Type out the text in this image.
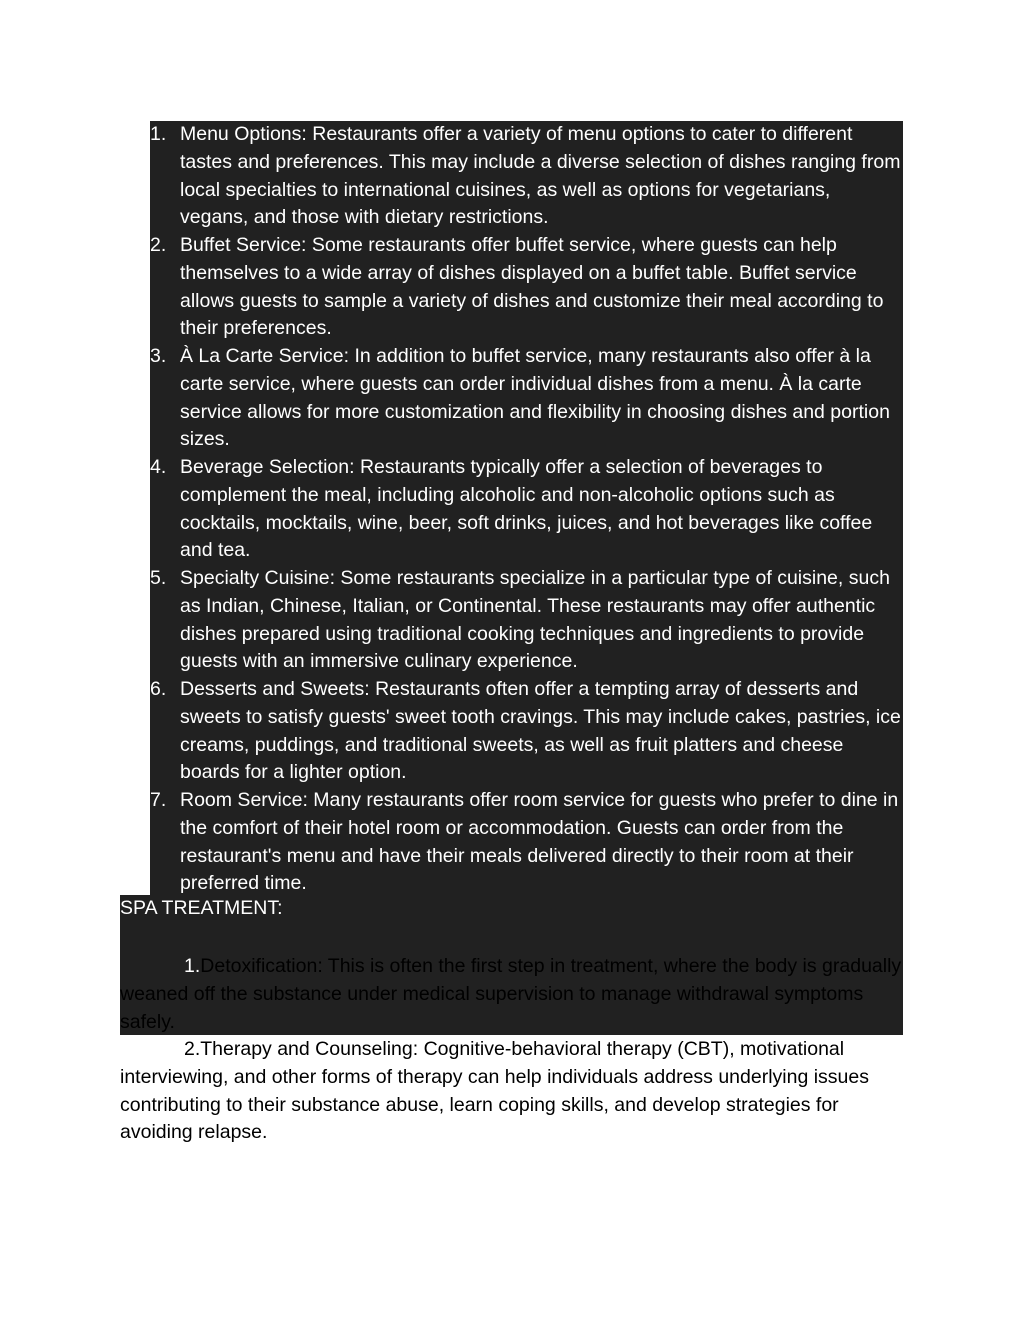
1. Menu Options: Restaurants offer a variety of menu options to cater to different tastes and preferences. This may include a diverse selection of dishes ranging from local specialties to international cuisines, as well as options for vegetarians, vegans, and those with dietary restrictions.
2. Buffet Service: Some restaurants offer buffet service, where guests can help themselves to a wide array of dishes displayed on a buffet table. Buffet service allows guests to sample a variety of dishes and customize their meal according to their preferences.
3. À La Carte Service: In addition to buffet service, many restaurants also offer à la carte service, where guests can order individual dishes from a menu. À la carte service allows for more customization and flexibility in choosing dishes and portion sizes.
4. Beverage Selection: Restaurants typically offer a selection of beverages to complement the meal, including alcoholic and non-alcoholic options such as cocktails, mocktails, wine, beer, soft drinks, juices, and hot beverages like coffee and tea.
5. Specialty Cuisine: Some restaurants specialize in a particular type of cuisine, such as Indian, Chinese, Italian, or Continental. These restaurants may offer authentic dishes prepared using traditional cooking techniques and ingredients to provide guests with an immersive culinary experience.
6. Desserts and Sweets: Restaurants often offer a tempting array of desserts and sweets to satisfy guests' sweet tooth cravings. This may include cakes, pastries, ice creams, puddings, and traditional sweets, as well as fruit platters and cheese boards for a lighter option.
7. Room Service: Many restaurants offer room service for guests who prefer to dine in the comfort of their hotel room or accommodation. Guests can order from the restaurant's menu and have their meals delivered directly to their room at their preferred time.
SPA TREATMENT:
1.Detoxification: This is often the first step in treatment, where the body is gradually weaned off the substance under medical supervision to manage withdrawal symptoms safely.
2.Therapy and Counseling: Cognitive-behavioral therapy (CBT), motivational interviewing, and other forms of therapy can help individuals address underlying issues contributing to their substance abuse, learn coping skills, and develop strategies for avoiding relapse.
